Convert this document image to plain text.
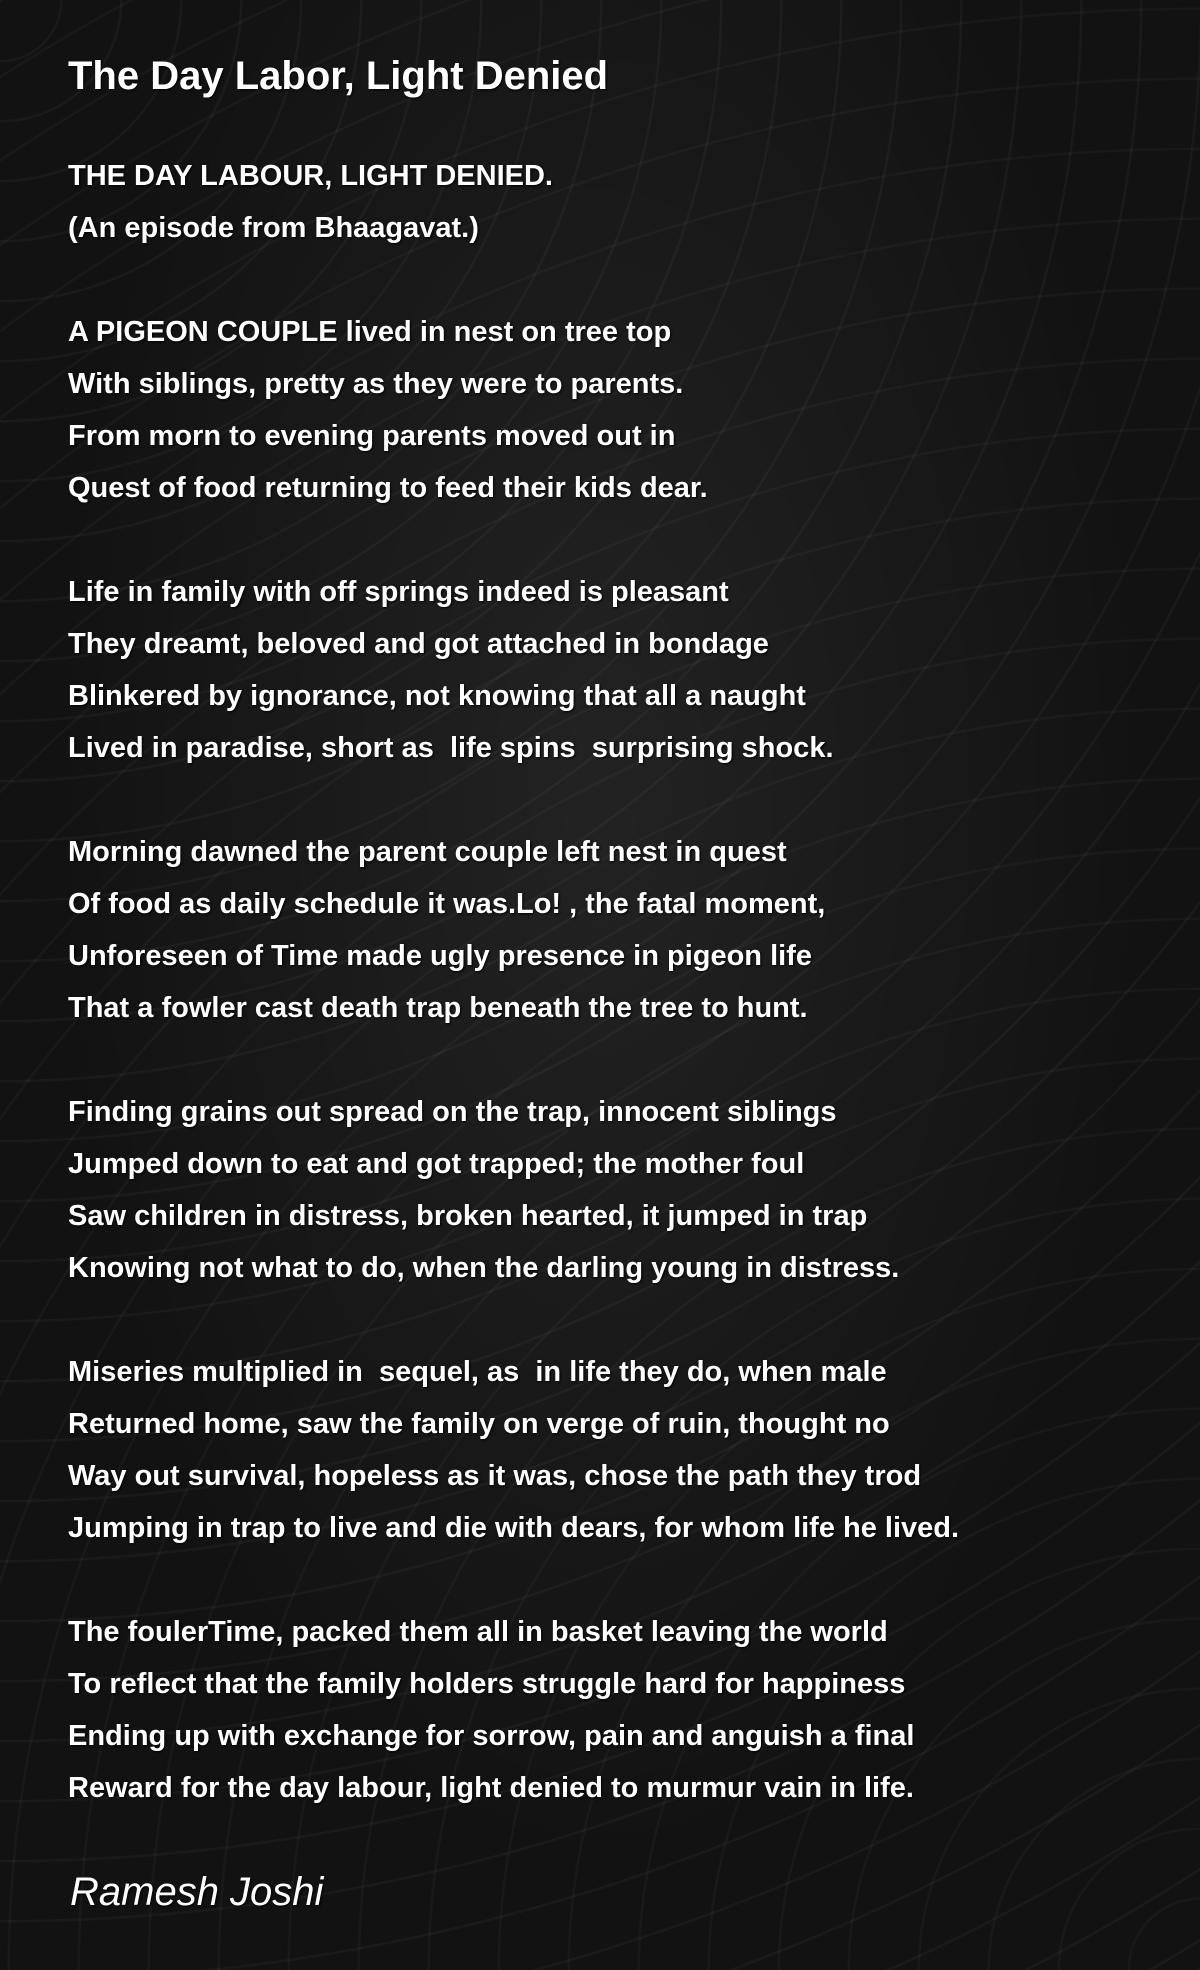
The Day Labor, Light Denied
THE DAY LABOUR, LIGHT DENIED.
(An episode from Bhaagavat.)
A PIGEON COUPLE lived in nest on tree top
With siblings, pretty as they were to parents.
From morn to evening parents moved out in
Quest of food returning to feed their kids dear.
Life in family with off springs indeed is pleasant
They dreamt, beloved and got attached in bondage
Blinkered by ignorance, not knowing that all a naught
Lived in paradise, short as  life spins  surprising shock.
Morning dawned the parent couple left nest in quest
Of food as daily schedule it was.Lo! , the fatal moment,
Unforeseen of Time made ugly presence in pigeon life
That a fowler cast death trap beneath the tree to hunt.
Finding grains out spread on the trap, innocent siblings
Jumped down to eat and got trapped; the mother foul
Saw children in distress, broken hearted, it jumped in trap
Knowing not what to do, when the darling young in distress.
Miseries multiplied in  sequel, as  in life they do, when male
Returned home, saw the family on verge of ruin, thought no
Way out survival, hopeless as it was, chose the path they trod
Jumping in trap to live and die with dears, for whom life he lived.
The foulerTime, packed them all in basket leaving the world
To reflect that the family holders struggle hard for happiness
Ending up with exchange for sorrow, pain and anguish a final
Reward for the day labour, light denied to murmur vain in life.
Ramesh Joshi
